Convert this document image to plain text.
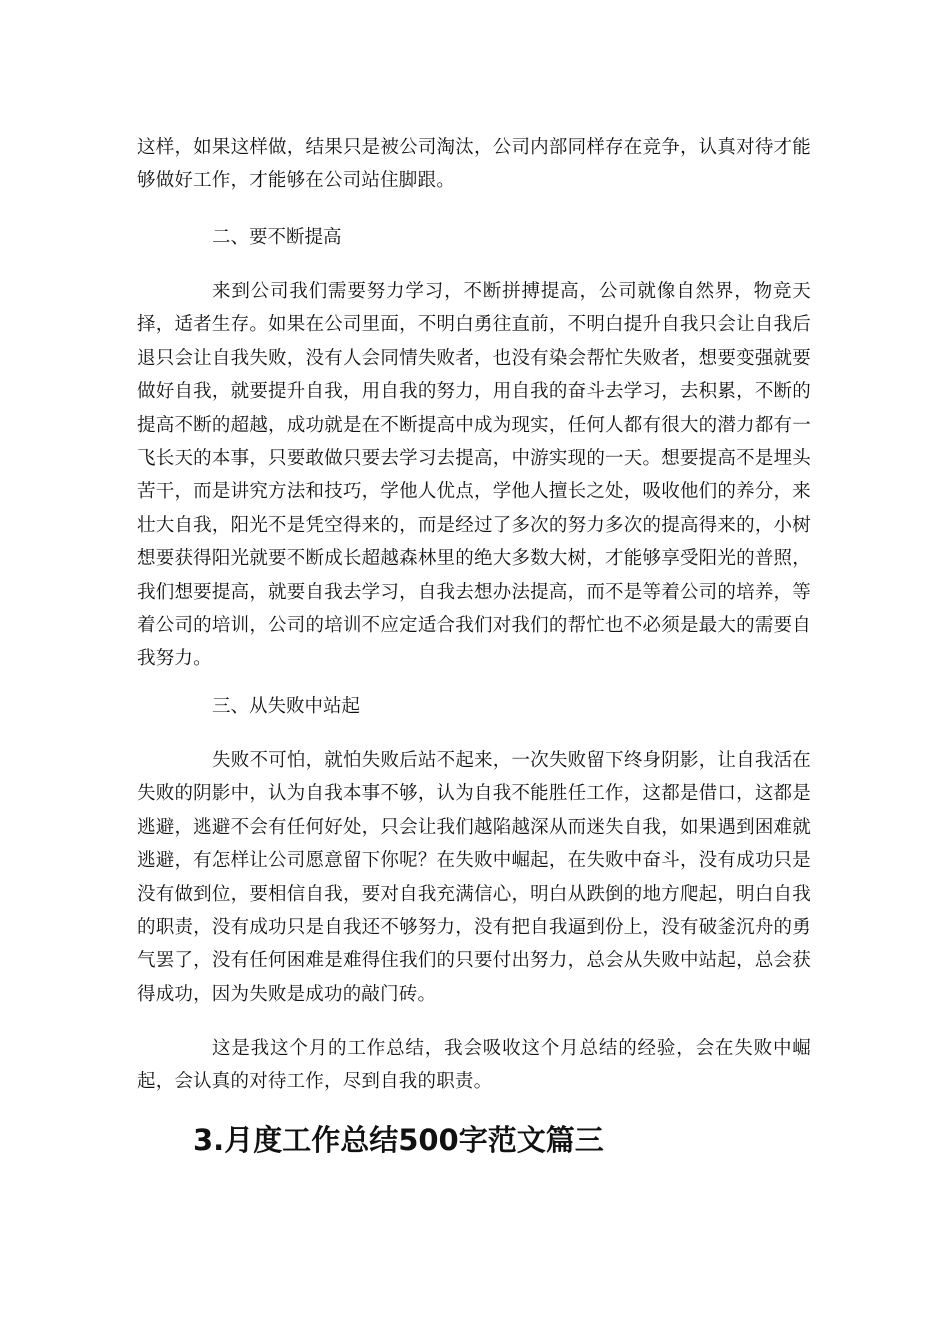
这样，如果这样做，结果只是被公司淘汰，公司内部同样存在竞争，认真对待才能够做好工作，才能够在公司站住脚跟。

二、要不断提高

来到公司我们需要努力学习，不断拼搏提高，公司就像自然界，物竞天择，适者生存。如果在公司里面，不明白勇往直前，不明白提升自我只会让自我后退只会让自我失败，没有人会同情失败者，也没有染会帮忙失败者，想要变强就要做好自我，就要提升自我，用自我的努力，用自我的奋斗去学习，去积累，不断的提高不断的超越，成功就是在不断提高中成为现实，任何人都有很大的潜力都有一飞长天的本事，只要敢做只要去学习去提高，中游实现的一天。想要提高不是埋头苦干，而是讲究方法和技巧，学他人优点，学他人擅长之处，吸收他们的养分，来壮大自我，阳光不是凭空得来的，而是经过了多次的努力多次的提高得来的，小树想要获得阳光就要不断成长超越森林里的绝大多数大树，才能够享受阳光的普照，我们想要提高，就要自我去学习，自我去想办法提高，而不是等着公司的培养，等着公司的培训，公司的培训不应定适合我们对我们的帮忙也不必须是最大的需要自我努力。

三、从失败中站起

失败不可怕，就怕失败后站不起来，一次失败留下终身阴影，让自我活在失败的阴影中，认为自我本事不够，认为自我不能胜任工作，这都是借口，这都是逃避，逃避不会有任何好处，只会让我们越陷越深从而迷失自我，如果遇到困难就逃避，有怎样让公司愿意留下你呢？在失败中崛起，在失败中奋斗，没有成功只是没有做到位，要相信自我，要对自我充满信心，明白从跌倒的地方爬起，明白自我的职责，没有成功只是自我还不够努力，没有把自我逼到份上，没有破釜沉舟的勇气罢了，没有任何困难是难得住我们的只要付出努力，总会从失败中站起，总会获得成功，因为失败是成功的敲门砖。

这是我这个月的工作总结，我会吸收这个月总结的经验，会在失败中崛起，会认真的对待工作，尽到自我的职责。

3.月度工作总结500字范文篇三
